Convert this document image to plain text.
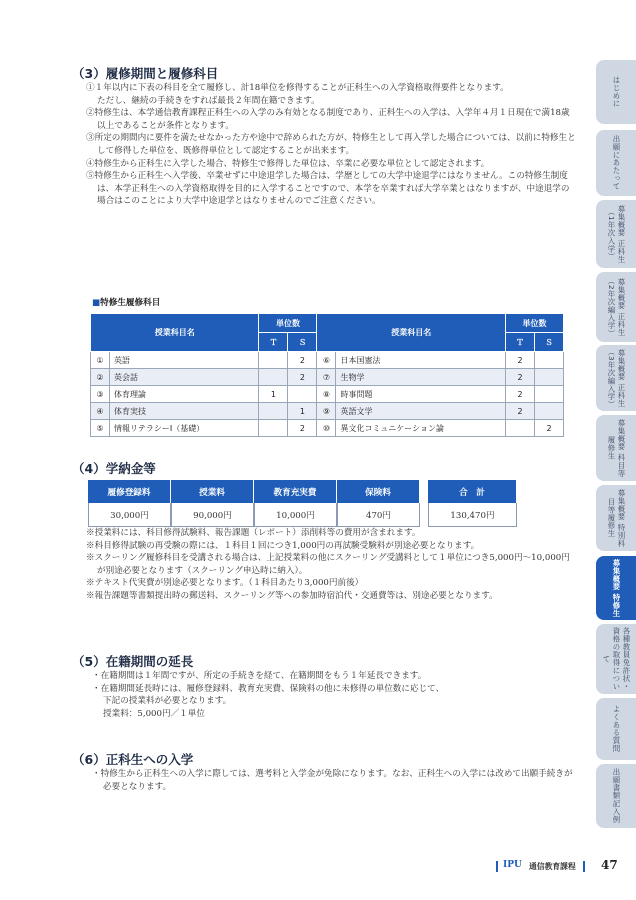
（3）履修期間と履修科目

①１年以内に下表の科目を全て履修し、計18単位を修得することが正科生への入学資格取得要件となります。

ただし、継続の手続きをすれば最長２年間在籍できます。

②特修生は、本学通信教育課程正科生への入学のみ有効となる制度であり、正科生への入学は、入学年４月１日現在で満18歳以上であることが条件となります。

③所定の期間内に要件を満たせなかった方や途中で辞められた方が、特修生として再入学した場合については、以前に特修生として修得した単位を、既修得単位として認定することが出来ます。

④特修生から正科生に入学した場合、特修生で修得した単位は、卒業に必要な単位として認定されます。

⑤特修生から正科生へ入学後、卒業せずに中途退学した場合は、学歴としての大学中途退学にはなりません。この特修生制度は、本学正科生への入学資格取得を目的に入学することですので、本学を卒業すれば大学卒業とはなりますが、中途退学の場合はこのことにより大学中途退学とはなりませんのでご注意ください。

■特修生履修科目
授業科目名		単位数		授業科目名		単位数	
		Ｔ	Ｓ			Ｔ	Ｓ
①	英語		2	⑥	日本国憲法	2	
②	英会話		2	⑦	生物学	2	
③	体育理論	1		⑧	時事問題	2	
④	体育実技		1	⑨	英語文学	2	
⑤	情報リテラシーⅠ（基礎）		2	⑩	異文化コミュニケーション論		2
（4）学納金等
履修登録料	授業料	教育充実費	保険料		合　計
30,000円	90,000円	10,000円	470円		130,470円

※授業料には、科目修得試験料、報告課題（レポート）添削料等の費用が含まれます。

※科目修得試験の再受験の際には、１科目１回につき1,000円の再試験受験料が別途必要となります。

※スクーリング履修科目を受講される場合は、上記授業料の他にスクーリング受講料として１単位につき5,000円〜10,000円が別途必要となります（スクーリング申込時に納入）。

※テキスト代実費が別途必要となります。（１科目あたり3,000円前後）

※報告課題等書類提出時の郵送料、スクーリング等への参加時宿泊代・交通費等は、別途必要となります。

（5）在籍期間の延長

・在籍期間は１年間ですが、所定の手続きを経て、在籍期間をもう１年延長できます。

・在籍期間延長時には、履修登録料、教育充実費、保険料の他に未修得の単位数に応じて、

下記の授業料が必要となります。

授業料：5,000円／１単位

（6）正科生への入学

・特修生から正科生への入学に際しては、選考料と入学金が免除になります。なお、正科生への入学には改めて出願手続きが必要となります。

はじめに
出願にあたって
募集概要 正科生（1年次入学）
募集概要 正科生（2年次編入学）
募集概要 正科生（3年次編入学）
募集概要 科目等履修生
募集概要 特別科目等履修生
募集概要 特修生
各種教員免許状・資格の取得について
よくある質問
出願書類記入例
IPU 通信教育課程 47
